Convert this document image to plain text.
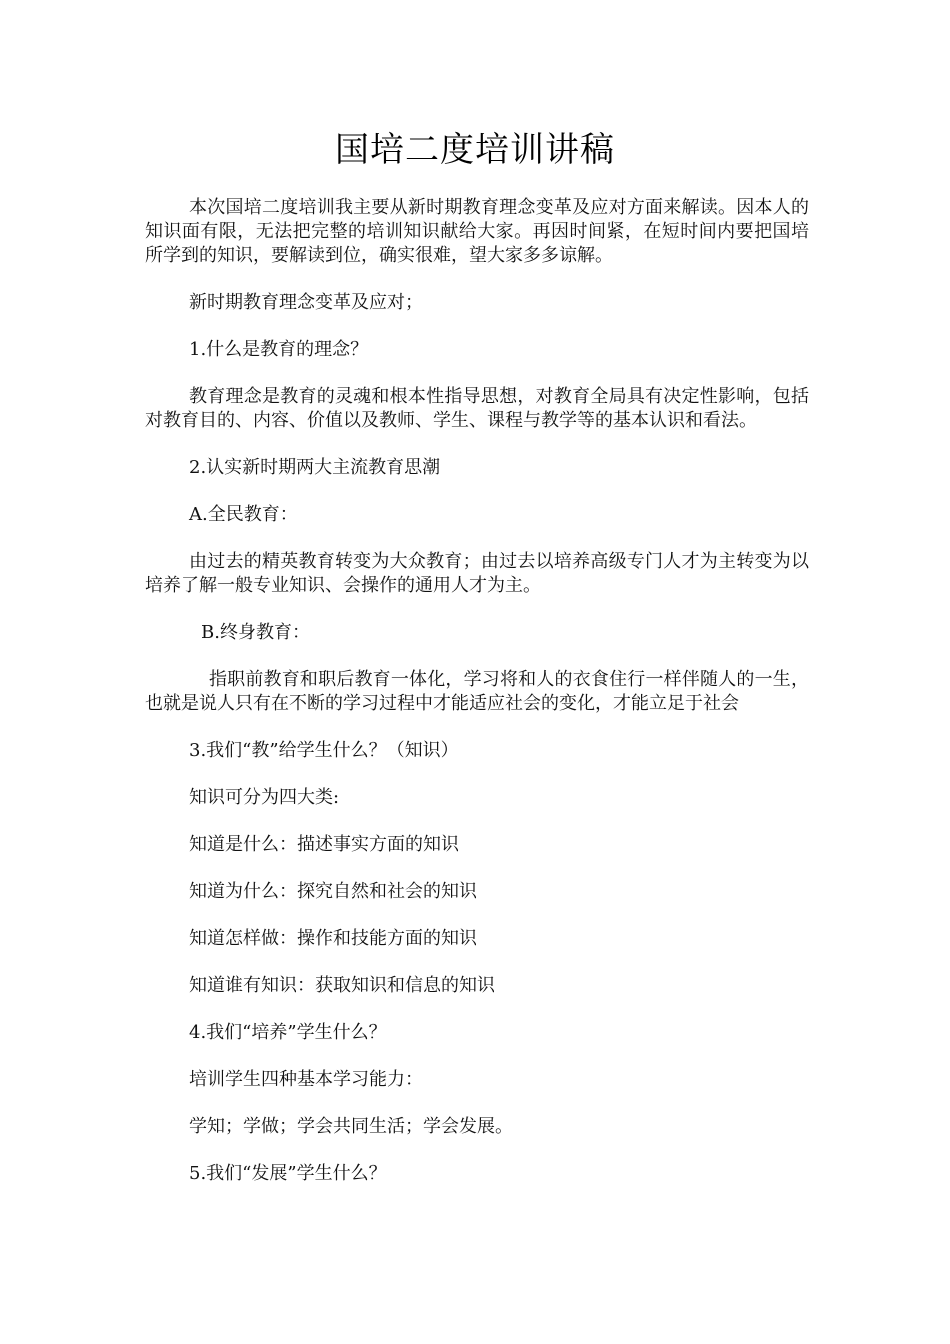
国培二度培训讲稿

本次国培二度培训我主要从新时期教育理念变革及应对方面来解读。因本人的知识面有限，无法把完整的培训知识献给大家。再因时间紧，在短时间内要把国培所学到的知识，要解读到位，确实很难，望大家多多谅解。

新时期教育理念变革及应对；

1.什么是教育的理念？

教育理念是教育的灵魂和根本性指导思想，对教育全局具有决定性影响，包括对教育目的、内容、价值以及教师、学生、课程与教学等的基本认识和看法。

2.认实新时期两大主流教育思潮

A.全民教育：

由过去的精英教育转变为大众教育；由过去以培养高级专门人才为主转变为以培养了解一般专业知识、会操作的通用人才为主。

B.终身教育：

指职前教育和职后教育一体化，学习将和人的衣食住行一样伴随人的一生，也就是说人只有在不断的学习过程中才能适应社会的变化，才能立足于社会

3.我们“教”给学生什么？（知识）

知识可分为四大类:

知道是什么：描述事实方面的知识

知道为什么：探究自然和社会的知识

知道怎样做：操作和技能方面的知识

知道谁有知识：获取知识和信息的知识

4.我们“培养”学生什么？

培训学生四种基本学习能力：

学知；学做；学会共同生活；学会发展。

5.我们“发展”学生什么？
